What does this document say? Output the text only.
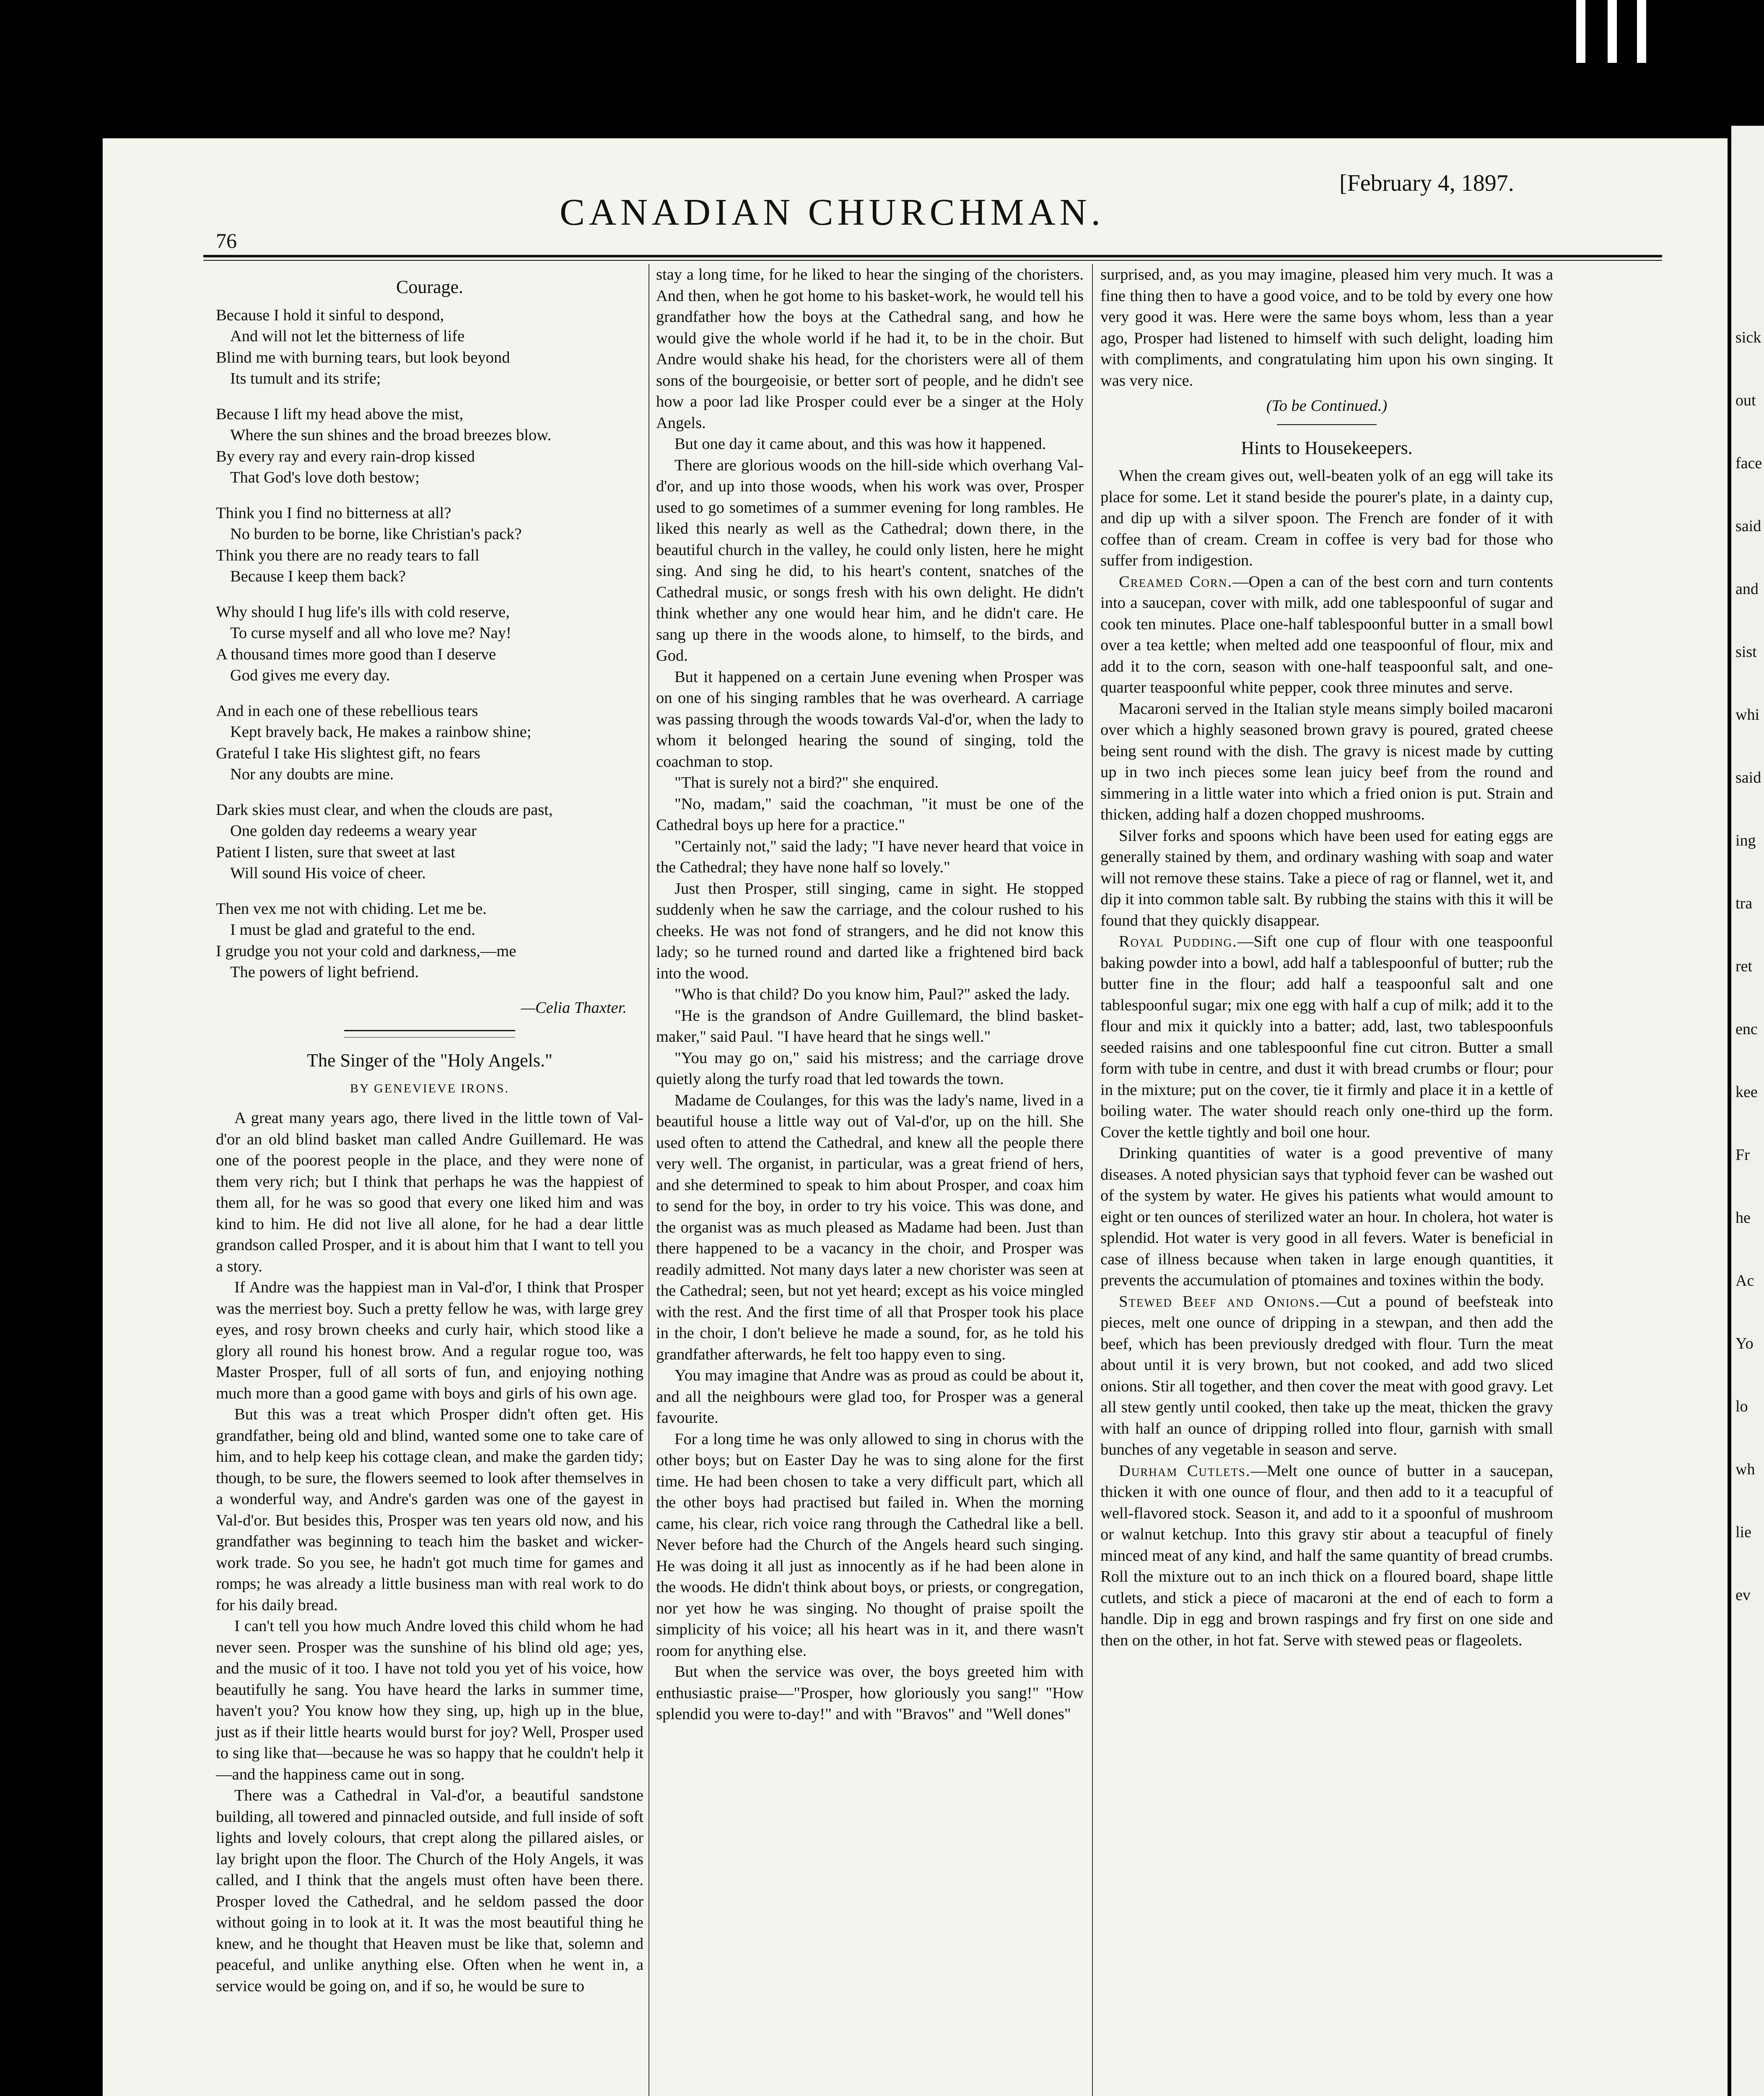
76
CANADIAN CHURCHMAN.
[February 4, 1897.
Courage.
Because I hold it sinful to despond,
And will not let the bitterness of life
Blind me with burning tears, but look beyond
Its tumult and its strife;
Because I lift my head above the mist,
Where the sun shines and the broad breezes blow.
By every ray and every rain-drop kissed
That God's love doth bestow;
Think you I find no bitterness at all?
No burden to be borne, like Christian's pack?
Think you there are no ready tears to fall
Because I keep them back?
Why should I hug life's ills with cold reserve,
To curse myself and all who love me? Nay!
A thousand times more good than I deserve
God gives me every day.
And in each one of these rebellious tears
Kept bravely back, He makes a rainbow shine;
Grateful I take His slightest gift, no fears
Nor any doubts are mine.
Dark skies must clear, and when the clouds are past,
One golden day redeems a weary year
Patient I listen, sure that sweet at last
Will sound His voice of cheer.
Then vex me not with chiding. Let me be.
I must be glad and grateful to the end.
I grudge you not your cold and darkness,—me
The powers of light befriend.
—Celia Thaxter.
The Singer of the "Holy Angels."
BY GENEVIEVE IRONS.

A great many years ago, there lived in the little town of Val-d'or an old blind basket man called Andre Guillemard. He was one of the poorest people in the place, and they were none of them very rich; but I think that perhaps he was the happiest of them all, for he was so good that every one liked him and was kind to him. He did not live all alone, for he had a dear little grandson called Prosper, and it is about him that I want to tell you a story.

If Andre was the happiest man in Val-d'or, I think that Prosper was the merriest boy. Such a pretty fellow he was, with large grey eyes, and rosy brown cheeks and curly hair, which stood like a glory all round his honest brow. And a regular rogue too, was Master Prosper, full of all sorts of fun, and enjoying nothing much more than a good game with boys and girls of his own age.

But this was a treat which Prosper didn't often get. His grandfather, being old and blind, wanted some one to take care of him, and to help keep his cottage clean, and make the garden tidy; though, to be sure, the flowers seemed to look after themselves in a wonderful way, and Andre's garden was one of the gayest in Val-d'or. But besides this, Prosper was ten years old now, and his grandfather was beginning to teach him the basket and wicker-work trade. So you see, he hadn't got much time for games and romps; he was already a little business man with real work to do for his daily bread.

I can't tell you how much Andre loved this child whom he had never seen. Prosper was the sunshine of his blind old age; yes, and the music of it too. I have not told you yet of his voice, how beautifully he sang. You have heard the larks in summer time, haven't you? You know how they sing, up, high up in the blue, just as if their little hearts would burst for joy? Well, Prosper used to sing like that—because he was so happy that he couldn't help it—and the happiness came out in song.

There was a Cathedral in Val-d'or, a beautiful sandstone building, all towered and pinnacled outside, and full inside of soft lights and lovely colours, that crept along the pillared aisles, or lay bright upon the floor. The Church of the Holy Angels, it was called, and I think that the angels must often have been there. Prosper loved the Cathedral, and he seldom passed the door without going in to look at it. It was the most beautiful thing he knew, and he thought that Heaven must be like that, solemn and peaceful, and unlike anything else. Often when he went in, a service would be going on, and if so, he would be sure to

stay a long time, for he liked to hear the singing of the choristers. And then, when he got home to his basket-work, he would tell his grandfather how the boys at the Cathedral sang, and how he would give the whole world if he had it, to be in the choir. But Andre would shake his head, for the choristers were all of them sons of the bourgeoisie, or better sort of people, and he didn't see how a poor lad like Prosper could ever be a singer at the Holy Angels.

But one day it came about, and this was how it happened.

There are glorious woods on the hill-side which overhang Val-d'or, and up into those woods, when his work was over, Prosper used to go sometimes of a summer evening for long rambles. He liked this nearly as well as the Cathedral; down there, in the beautiful church in the valley, he could only listen, here he might sing. And sing he did, to his heart's content, snatches of the Cathedral music, or songs fresh with his own delight. He didn't think whether any one would hear him, and he didn't care. He sang up there in the woods alone, to himself, to the birds, and God.

But it happened on a certain June evening when Prosper was on one of his singing rambles that he was overheard. A carriage was passing through the woods towards Val-d'or, when the lady to whom it belonged hearing the sound of singing, told the coachman to stop.

"That is surely not a bird?" she enquired.

"No, madam," said the coachman, "it must be one of the Cathedral boys up here for a practice."

"Certainly not," said the lady; "I have never heard that voice in the Cathedral; they have none half so lovely."

Just then Prosper, still singing, came in sight. He stopped suddenly when he saw the carriage, and the colour rushed to his cheeks. He was not fond of strangers, and he did not know this lady; so he turned round and darted like a frightened bird back into the wood.

"Who is that child? Do you know him, Paul?" asked the lady.

"He is the grandson of Andre Guillemard, the blind basket-maker," said Paul. "I have heard that he sings well."

"You may go on," said his mistress; and the carriage drove quietly along the turfy road that led towards the town.

Madame de Coulanges, for this was the lady's name, lived in a beautiful house a little way out of Val-d'or, up on the hill. She used often to attend the Cathedral, and knew all the people there very well. The organist, in particular, was a great friend of hers, and she determined to speak to him about Prosper, and coax him to send for the boy, in order to try his voice. This was done, and the organist was as much pleased as Madame had been. Just than there happened to be a vacancy in the choir, and Prosper was readily admitted. Not many days later a new chorister was seen at the Cathedral; seen, but not yet heard; except as his voice mingled with the rest. And the first time of all that Prosper took his place in the choir, I don't believe he made a sound, for, as he told his grandfather afterwards, he felt too happy even to sing.

You may imagine that Andre was as proud as could be about it, and all the neighbours were glad too, for Prosper was a general favourite.

For a long time he was only allowed to sing in chorus with the other boys; but on Easter Day he was to sing alone for the first time. He had been chosen to take a very difficult part, which all the other boys had practised but failed in. When the morning came, his clear, rich voice rang through the Cathedral like a bell. Never before had the Church of the Angels heard such singing. He was doing it all just as innocently as if he had been alone in the woods. He didn't think about boys, or priests, or congregation, nor yet how he was singing. No thought of praise spoilt the simplicity of his voice; all his heart was in it, and there wasn't room for anything else.

But when the service was over, the boys greeted him with enthusiastic praise—"Prosper, how gloriously you sang!" "How splendid you were to-day!" and with "Bravos" and "Well dones"

surprised, and, as you may imagine, pleased him very much. It was a fine thing then to have a good voice, and to be told by every one how very good it was. Here were the same boys whom, less than a year ago, Prosper had listened to himself with such delight, loading him with compliments, and congratulating him upon his own singing. It was very nice.

(To be Continued.)
Hints to Housekeepers.

When the cream gives out, well-beaten yolk of an egg will take its place for some. Let it stand beside the pourer's plate, in a dainty cup, and dip up with a silver spoon. The French are fonder of it with coffee than of cream. Cream in coffee is very bad for those who suffer from indigestion.

Creamed Corn.—Open a can of the best corn and turn contents into a saucepan, cover with milk, add one tablespoonful of sugar and cook ten minutes. Place one-half tablespoonful butter in a small bowl over a tea kettle; when melted add one teaspoonful of flour, mix and add it to the corn, season with one-half teaspoonful salt, and one-quarter teaspoonful white pepper, cook three minutes and serve.

Macaroni served in the Italian style means simply boiled macaroni over which a highly seasoned brown gravy is poured, grated cheese being sent round with the dish. The gravy is nicest made by cutting up in two inch pieces some lean juicy beef from the round and simmering in a little water into which a fried onion is put. Strain and thicken, adding half a dozen chopped mushrooms.

Silver forks and spoons which have been used for eating eggs are generally stained by them, and ordinary washing with soap and water will not remove these stains. Take a piece of rag or flannel, wet it, and dip it into common table salt. By rubbing the stains with this it will be found that they quickly disappear.

Royal Pudding.—Sift one cup of flour with one teaspoonful baking powder into a bowl, add half a tablespoonful of butter; rub the butter fine in the flour; add half a teaspoonful salt and one tablespoonful sugar; mix one egg with half a cup of milk; add it to the flour and mix it quickly into a batter; add, last, two tablespoonfuls seeded raisins and one tablespoonful fine cut citron. Butter a small form with tube in centre, and dust it with bread crumbs or flour; pour in the mixture; put on the cover, tie it firmly and place it in a kettle of boiling water. The water should reach only one-third up the form. Cover the kettle tightly and boil one hour.

Drinking quantities of water is a good preventive of many diseases. A noted physician says that typhoid fever can be washed out of the system by water. He gives his patients what would amount to eight or ten ounces of sterilized water an hour. In cholera, hot water is splendid. Hot water is very good in all fevers. Water is beneficial in case of illness because when taken in large enough quantities, it prevents the accumulation of ptomaines and toxines within the body.

Stewed Beef and Onions.—Cut a pound of beefsteak into pieces, melt one ounce of dripping in a stewpan, and then add the beef, which has been previously dredged with flour. Turn the meat about until it is very brown, but not cooked, and add two sliced onions. Stir all together, and then cover the meat with good gravy. Let all stew gently until cooked, then take up the meat, thicken the gravy with half an ounce of dripping rolled into flour, garnish with small bunches of any vegetable in season and serve.

Durham Cutlets.—Melt one ounce of butter in a saucepan, thicken it with one ounce of flour, and then add to it a teacupful of well-flavored stock. Season it, and add to it a spoonful of mushroom or walnut ketchup. Into this gravy stir about a teacupful of finely minced meat of any kind, and half the same quantity of bread crumbs. Roll the mixture out to an inch thick on a floured board, shape little cutlets, and stick a piece of macaroni at the end of each to form a handle. Dip in egg and brown raspings and fry first on one side and then on the other, in hot fat. Serve with stewed peas or flageolets.

sick
out
face
said
and
sist
whi
said
ing
tra
ret
enc
kee
Fr
he
Ac
Yo
lo
wh
lie
ev
